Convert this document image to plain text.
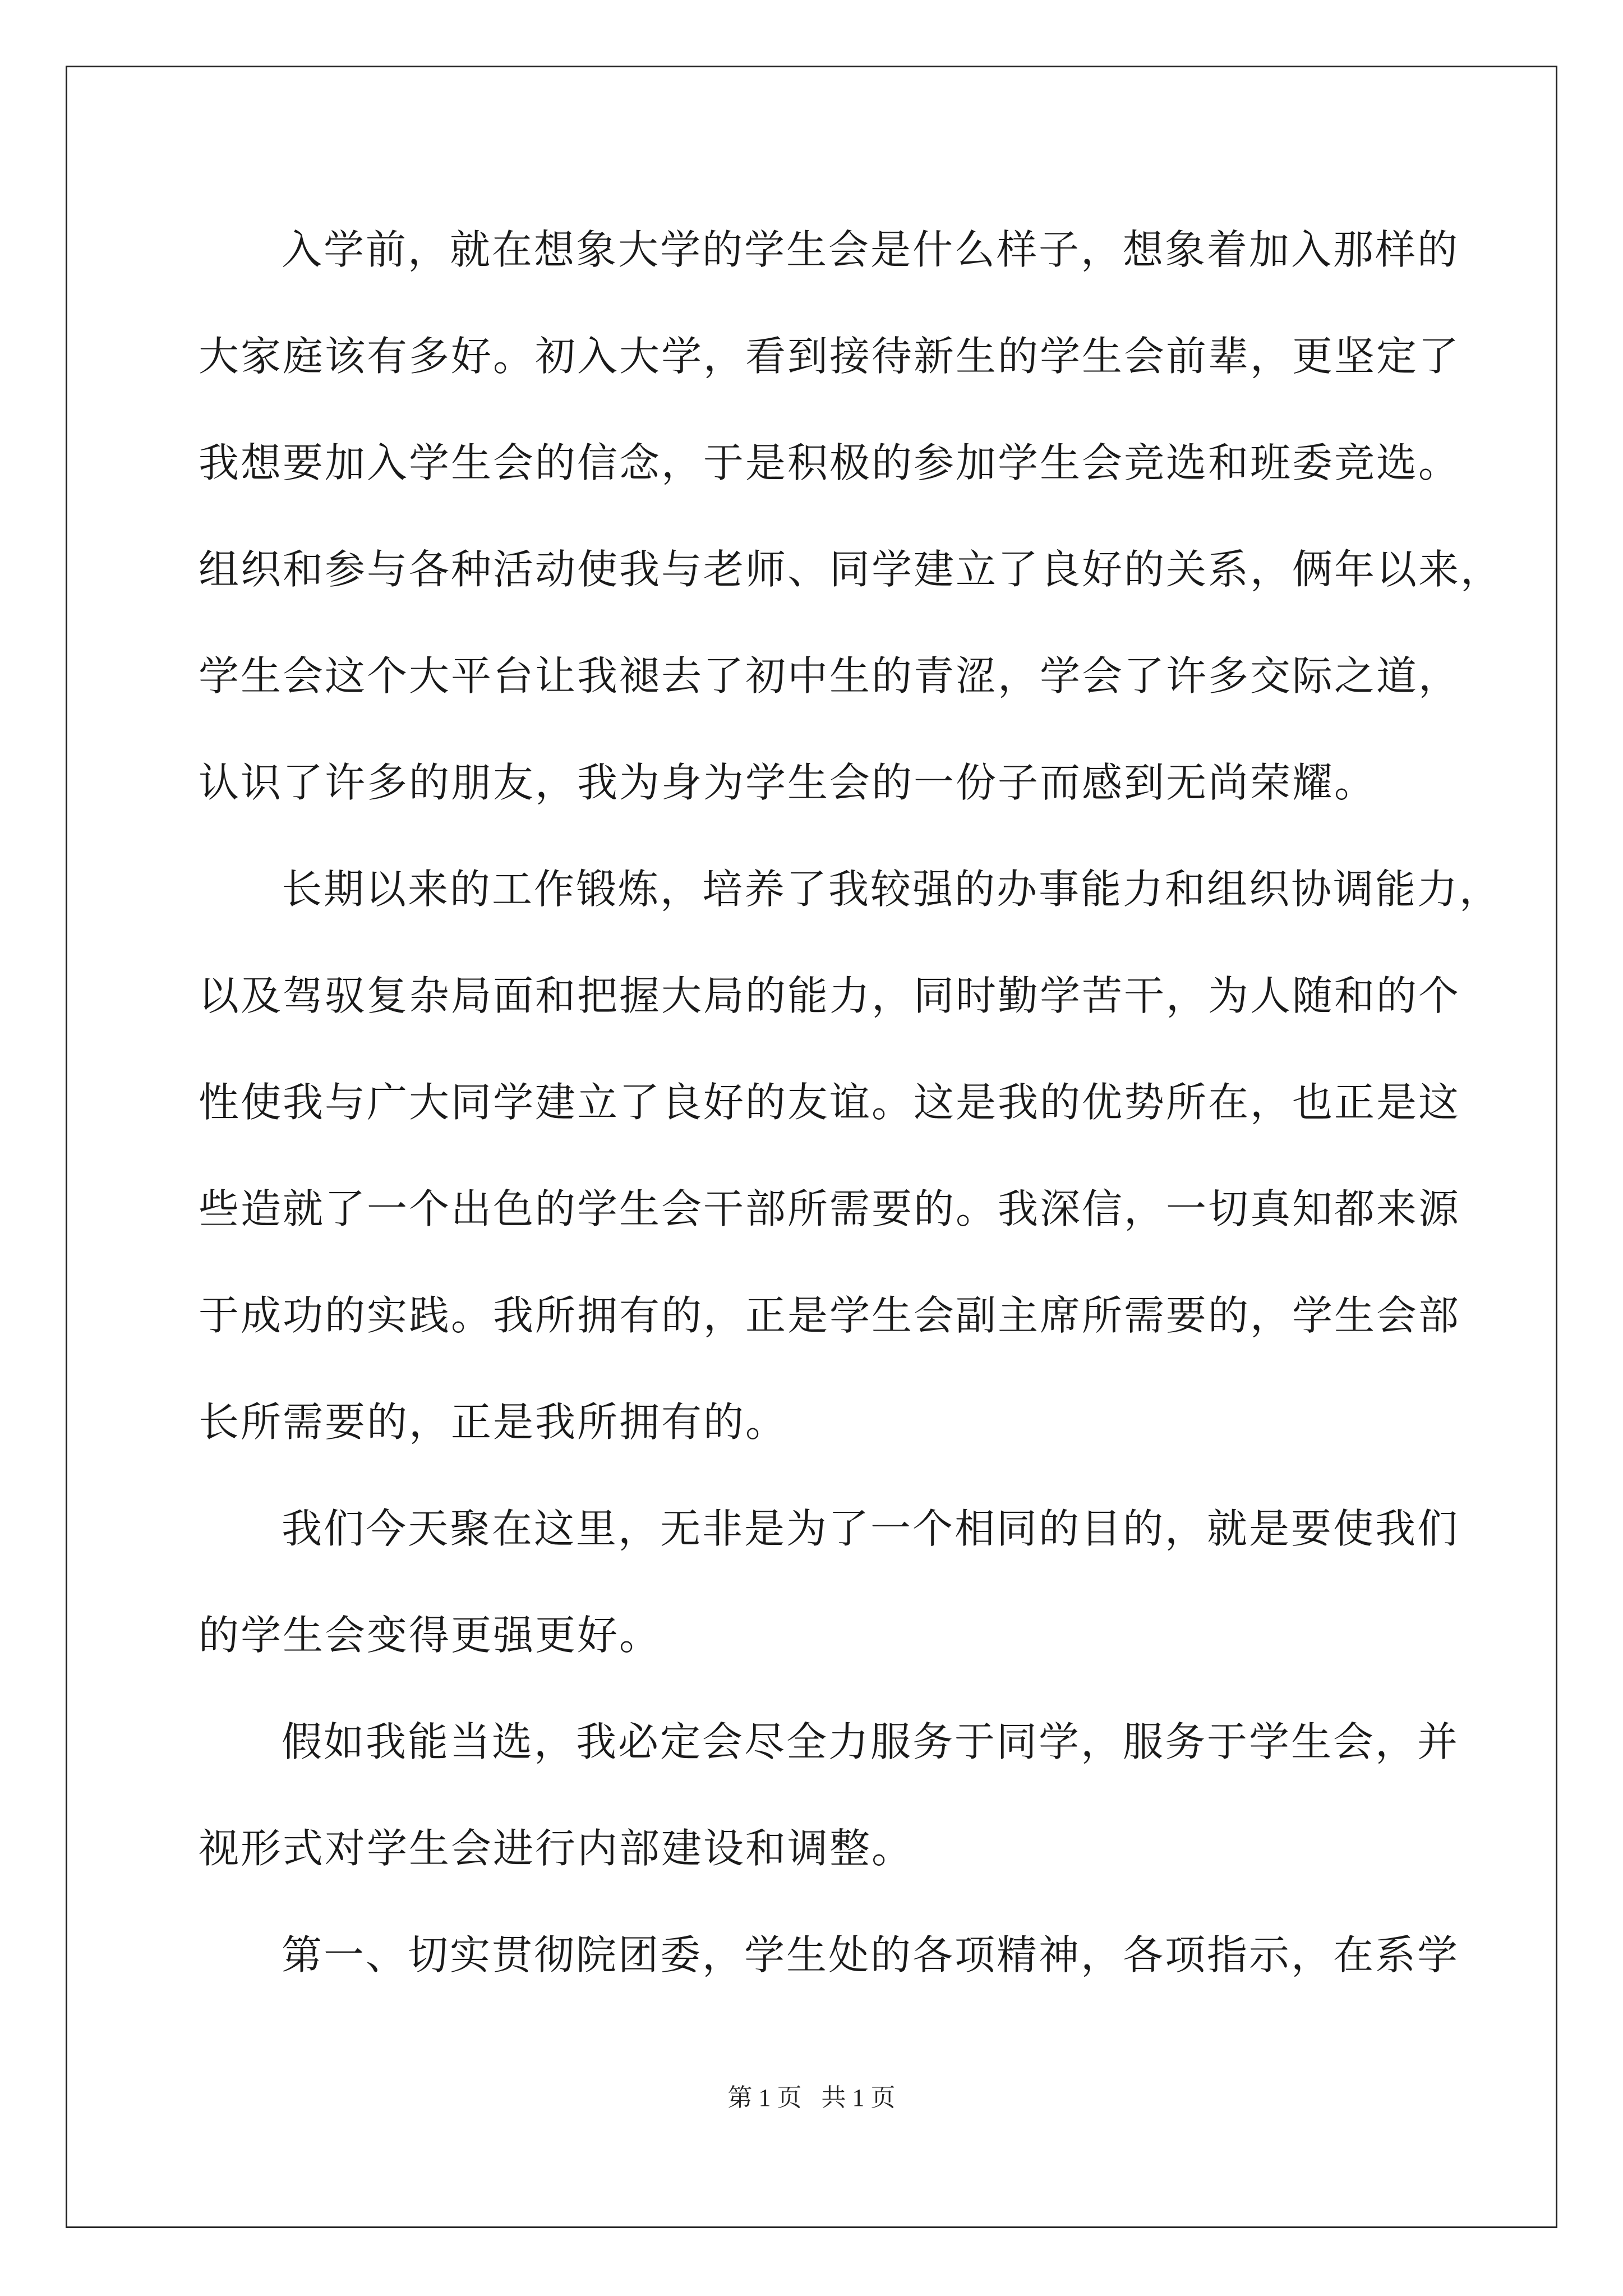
入学前，就在想象大学的学生会是什么样子，想象着加入那样的
大家庭该有多好。初入大学，看到接待新生的学生会前辈，更坚定了
我想要加入学生会的信念，于是积极的参加学生会竞选和班委竞选。
组织和参与各种活动使我与老师、同学建立了良好的关系，俩年以来，
学生会这个大平台让我褪去了初中生的青涩，学会了许多交际之道，
认识了许多的朋友，我为身为学生会的一份子而感到无尚荣耀。
长期以来的工作锻炼，培养了我较强的办事能力和组织协调能力，
以及驾驭复杂局面和把握大局的能力，同时勤学苦干，为人随和的个
性使我与广大同学建立了良好的友谊。这是我的优势所在，也正是这
些造就了一个出色的学生会干部所需要的。我深信，一切真知都来源
于成功的实践。我所拥有的，正是学生会副主席所需要的，学生会部
长所需要的，正是我所拥有的。
我们今天聚在这里，无非是为了一个相同的目的，就是要使我们
的学生会变得更强更好。
假如我能当选，我必定会尽全力服务于同学，服务于学生会，并
视形式对学生会进行内部建设和调整。
第一、切实贯彻院团委，学生处的各项精神，各项指示，在系学
第 1 页 共 1 页
